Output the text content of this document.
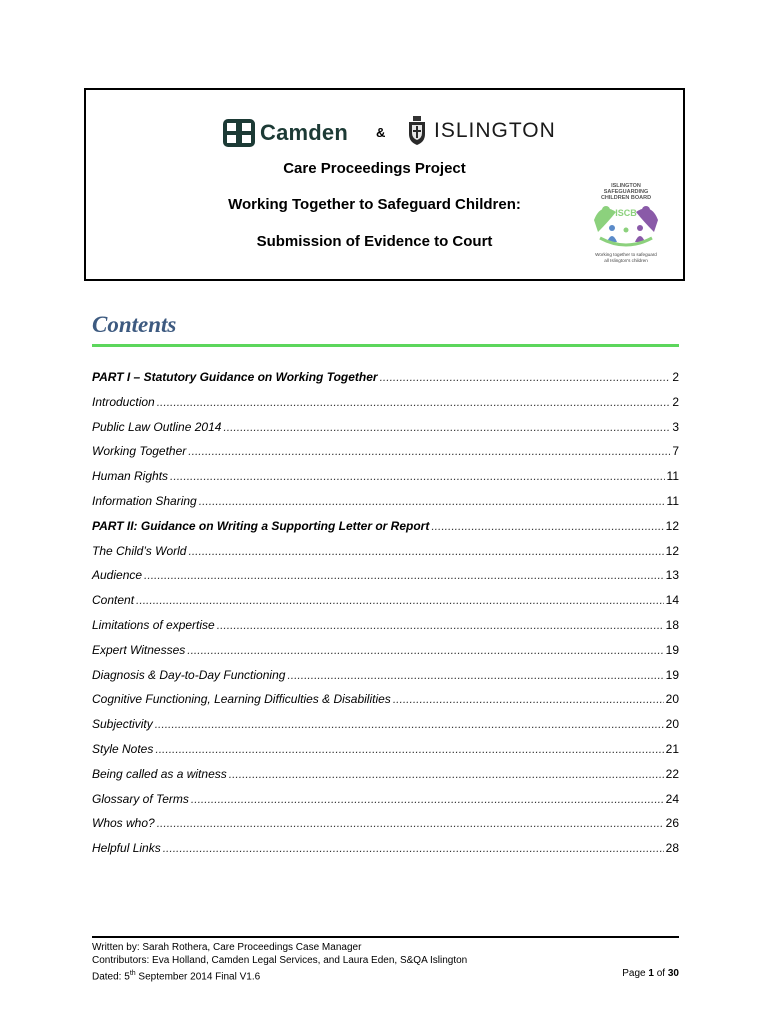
Camden & ISLINGTON
Care Proceedings Project
Working Together to Safeguard Children:
Submission of Evidence to Court
ISLINGTON
SAFEGUARDING
CHILDREN BOARD
ISCB
Working together to safeguard
all Islington's children
Contents
PART I – Statutory Guidance on Working Together .....	2
Introduction .....	2
Public Law Outline 2014 .....	3
Working Together .....	7
Human Rights .....	11
Information Sharing .....	11
PART II: Guidance on Writing a Supporting Letter or Report .....	12
The Child’s World .....	12
Audience .....	13
Content .....	14
Limitations of expertise .....	18
Expert Witnesses .....	19
Diagnosis & Day-to-Day Functioning .....	19
Cognitive Functioning, Learning Difficulties & Disabilities .....	20
Subjectivity .....	20
Style Notes .....	21
Being called as a witness .....	22
Glossary of Terms .....	24
Whos who? .....	26
Helpful Links .....	28
Written by: Sarah Rothera, Care Proceedings Case Manager
Contributors: Eva Holland, Camden Legal Services, and Laura Eden, S&QA Islington
Dated: 5th September 2014 Final V1.6	Page 1 of 30
